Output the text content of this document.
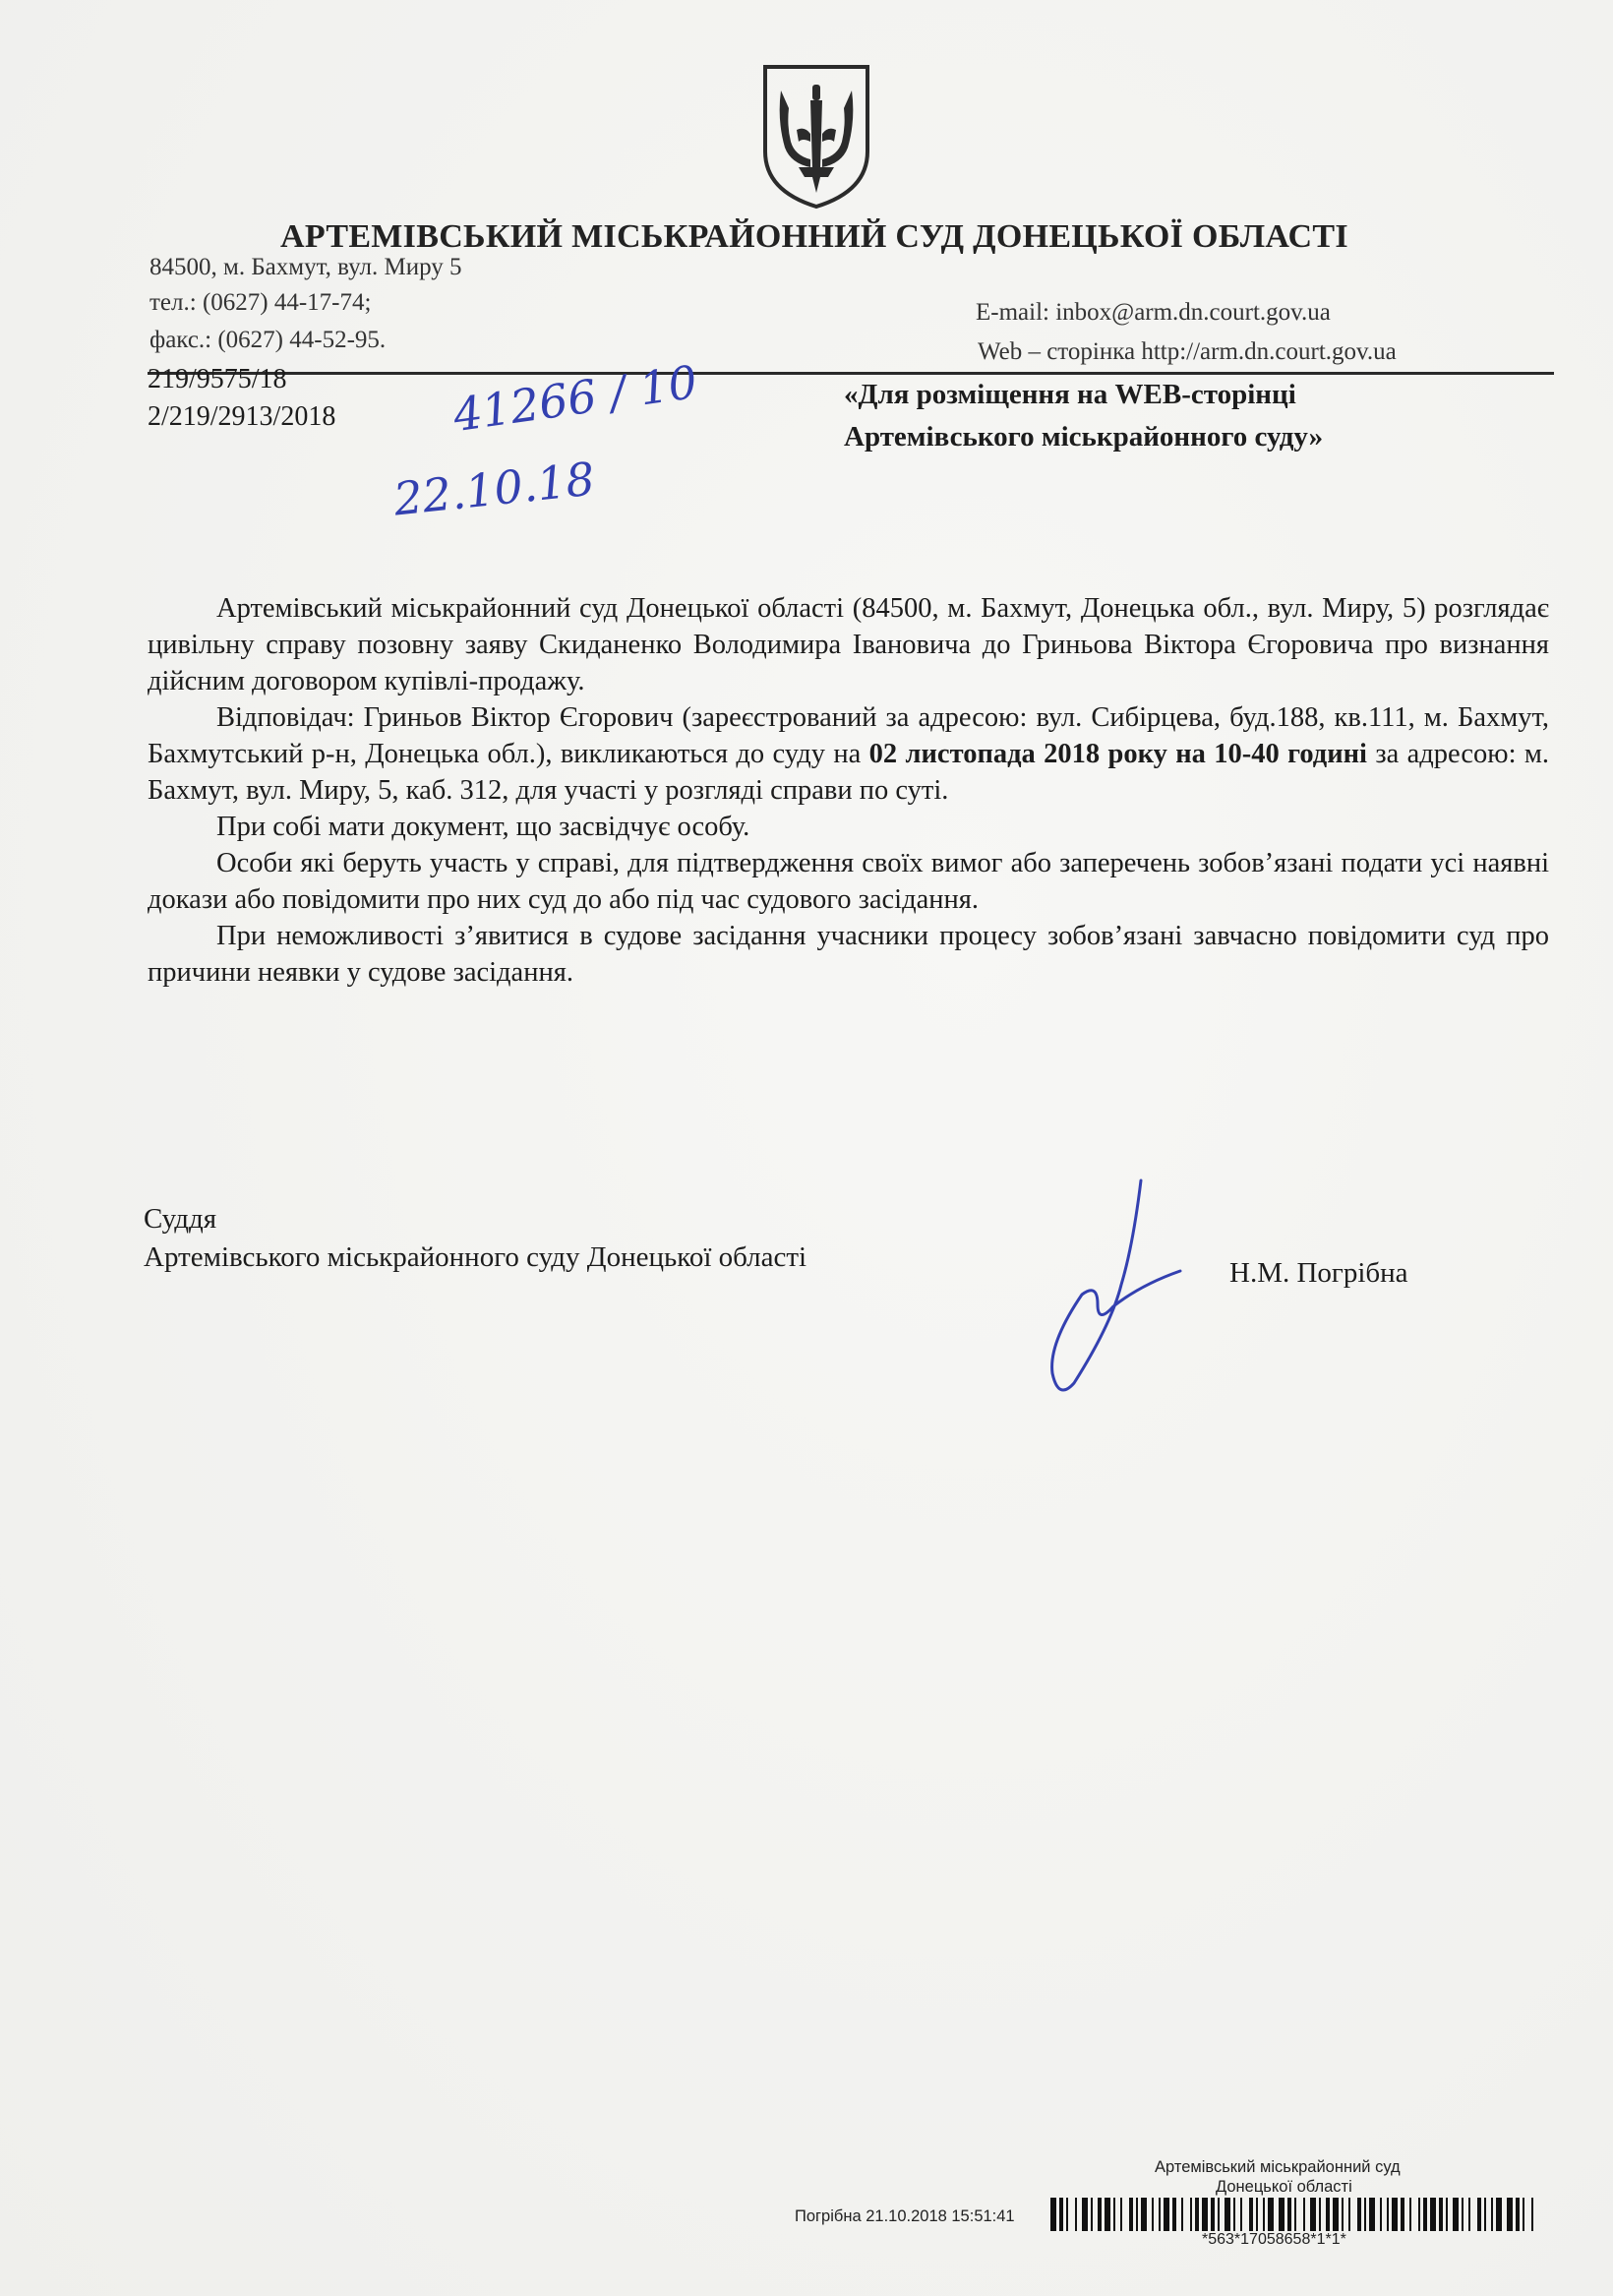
АРТЕМІВСЬКИЙ МІСЬКРАЙОННИЙ СУД ДОНЕЦЬКОЇ ОБЛАСТІ
84500, м. Бахмут, вул. Миру 5
тел.: (0627) 44-17-74;
факс.: (0627) 44-52-95.
E-mail: inbox@arm.dn.court.gov.ua
Web – сторінка http://arm.dn.court.gov.ua
219/9575/18
2/219/2913/2018	41266 / 10
22.10.18
«Для розміщення на WEB-сторінці
Артемівського міськрайонного суду»

Артемівський міськрайонний суд Донецької області (84500, м. Бахмут, Донецька обл., вул. Миру, 5) розглядає цивільну справу позовну заяву Скиданенко Володимира Івановича до Гриньова Віктора Єгоровича про визнання дійсним договором купівлі-продажу.

Відповідач: Гриньов Віктор Єгорович (зареєстрований за адресою: вул. Сибірцева, буд.188, кв.111, м. Бахмут, Бахмутський р-н, Донецька обл.), викликаються до суду на 02 листопада 2018 року на 10-40 годині за адресою: м. Бахмут, вул. Миру, 5, каб. 312, для участі у розгляді справи по суті.

При собі мати документ, що засвідчує особу.

Особи які беруть участь у справі, для підтвердження своїх вимог або заперечень зобов’язані подати усі наявні докази або повідомити про них суд до або під час судового засідання.

При неможливості з’явитися в судове засідання учасники процесу зобов’язані завчасно повідомити суд про причини неявки у судове засідання.

Суддя
Артемівського міськрайонного суду Донецької області	Н.М. Погрібна
Артемівський міськрайонний суд
Донецької області
Погрібна 21.10.2018 15:51:41
*563*17058658*1*1*
